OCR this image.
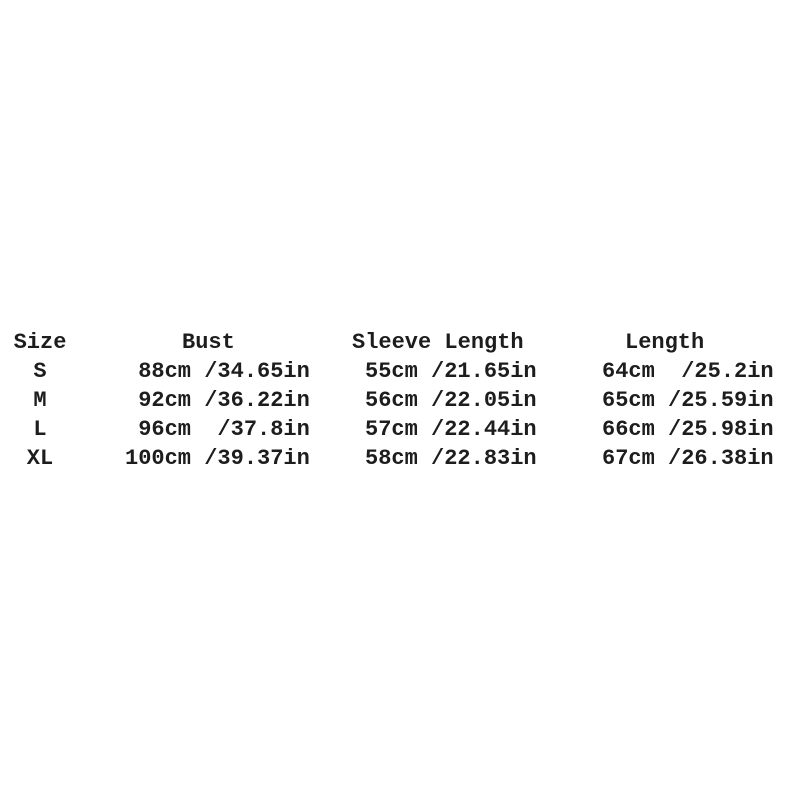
Size	Bust	Sleeve Length	Length
S	88cm /34.65in	55cm /21.65in	64cm  /25.2in
M	92cm /36.22in	56cm /22.05in	65cm /25.59in
L	96cm  /37.8in	57cm /22.44in	66cm /25.98in
XL	100cm /39.37in	58cm /22.83in	67cm /26.38in
